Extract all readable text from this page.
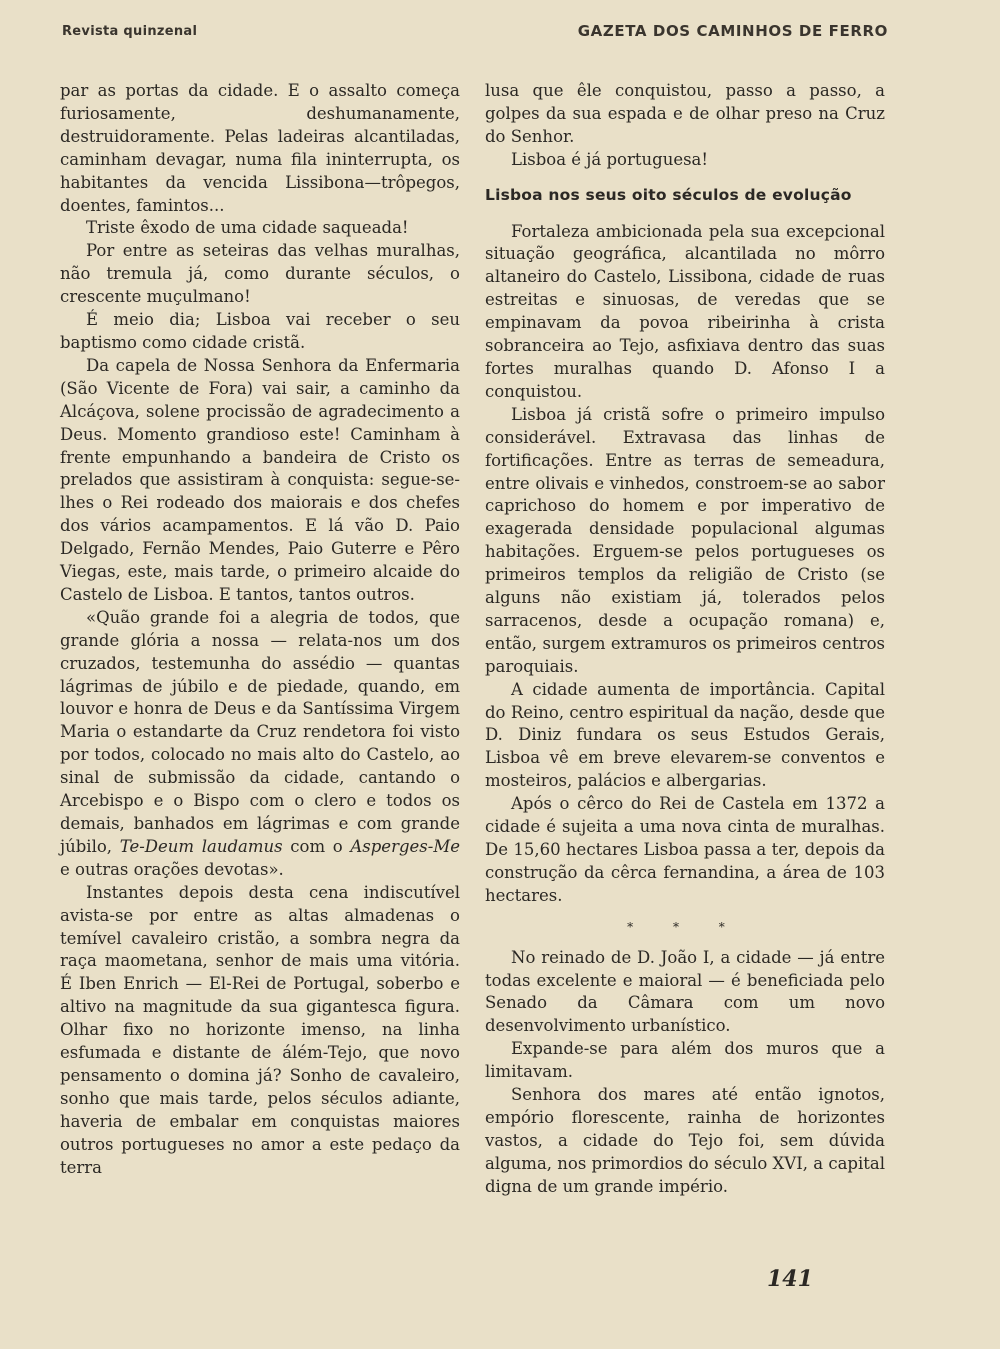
Revista quinzenal	GAZETA DOS CAMINHOS DE FERRO

par as portas da cidade. E o assalto começa furiosamente, deshumanamente, destruidoramente. Pelas ladeiras alcantiladas, caminham devagar, numa fila ininterrupta, os habitantes da vencida Lissibona—trôpegos, doentes, famintos...

Triste êxodo de uma cidade saqueada!

Por entre as seteiras das velhas muralhas, não tremula já, como durante séculos, o crescente muçulmano!

É meio dia; Lisboa vai receber o seu baptismo como cidade cristã.

Da capela de Nossa Senhora da Enfermaria (São Vicente de Fora) vai sair, a caminho da Alcáçova, solene procissão de agradecimento a Deus. Momento grandioso este! Caminham à frente empunhando a bandeira de Cristo os prelados que assistiram à conquista: segue-se-lhes o Rei rodeado dos maiorais e dos chefes dos vários acampamentos. E lá vão D. Paio Delgado, Fernão Mendes, Paio Guterre e Pêro Viegas, este, mais tarde, o primeiro alcaide do Castelo de Lisboa. E tantos, tantos outros.

«Quão grande foi a alegria de todos, que grande glória a nossa — relata-nos um dos cruzados, testemunha do assédio — quantas lágrimas de júbilo e de piedade, quando, em louvor e honra de Deus e da Santíssima Virgem Maria o estandarte da Cruz rendetora foi visto por todos, colocado no mais alto do Castelo, ao sinal de submissão da cidade, cantando o Arcebispo e o Bispo com o clero e todos os demais, banhados em lágrimas e com grande júbilo, Te-Deum laudamus com o Asperges-Me e outras orações devotas».

Instantes depois desta cena indiscutível avista-se por entre as altas almadenas o temível cavaleiro cristão, a sombra negra da raça maometana, senhor de mais uma vitória. É Iben Enrich — El-Rei de Portugal, soberbo e altivo na magnitude da sua gigantesca figura. Olhar fixo no horizonte imenso, na linha esfumada e distante de álém-Tejo, que novo pensamento o domina já? Sonho de cavaleiro, sonho que mais tarde, pelos séculos adiante, haveria de embalar em conquistas maiores outros portugueses no amor a este pedaço da terra

lusa que êle conquistou, passo a passo, a golpes da sua espada e de olhar preso na Cruz do Senhor.

Lisboa é já portuguesa!

Lisboa nos seus oito séculos de evolução

Fortaleza ambicionada pela sua excepcional situação geográfica, alcantilada no môrro altaneiro do Castelo, Lissibona, cidade de ruas estreitas e sinuosas, de veredas que se empinavam da povoa ribeirinha à crista sobranceira ao Tejo, asfixiava dentro das suas fortes muralhas quando D. Afonso I a conquistou.

Lisboa já cristã sofre o primeiro impulso considerável. Extravasa das linhas de fortificações. Entre as terras de semeadura, entre olivais e vinhedos, constroem-se ao sabor caprichoso do homem e por imperativo de exagerada densidade populacional algumas habitações. Erguem-se pelos portugueses os primeiros templos da religião de Cristo (se alguns não existiam já, tolerados pelos sarracenos, desde a ocupação romana) e, então, surgem extramuros os primeiros centros paroquiais.

A cidade aumenta de importância. Capital do Reino, centro espiritual da nação, desde que D. Diniz fundara os seus Estudos Gerais, Lisboa vê em breve elevarem-se conventos e mosteiros, palácios e albergarias.

Após o cêrco do Rei de Castela em 1372 a cidade é sujeita a uma nova cinta de muralhas. De 15,60 hectares Lisboa passa a ter, depois da construção da cêrca fernandina, a área de 103 hectares.

* * *

No reinado de D. João I, a cidade — já entre todas excelente e maioral — é beneficiada pelo Senado da Câmara com um novo desenvolvimento urbanístico.

Expande-se para além dos muros que a limitavam.

Senhora dos mares até então ignotos, empório florescente, rainha de horizontes vastos, a cidade do Tejo foi, sem dúvida alguma, nos primordios do século XVI, a capital digna de um grande império.

141
